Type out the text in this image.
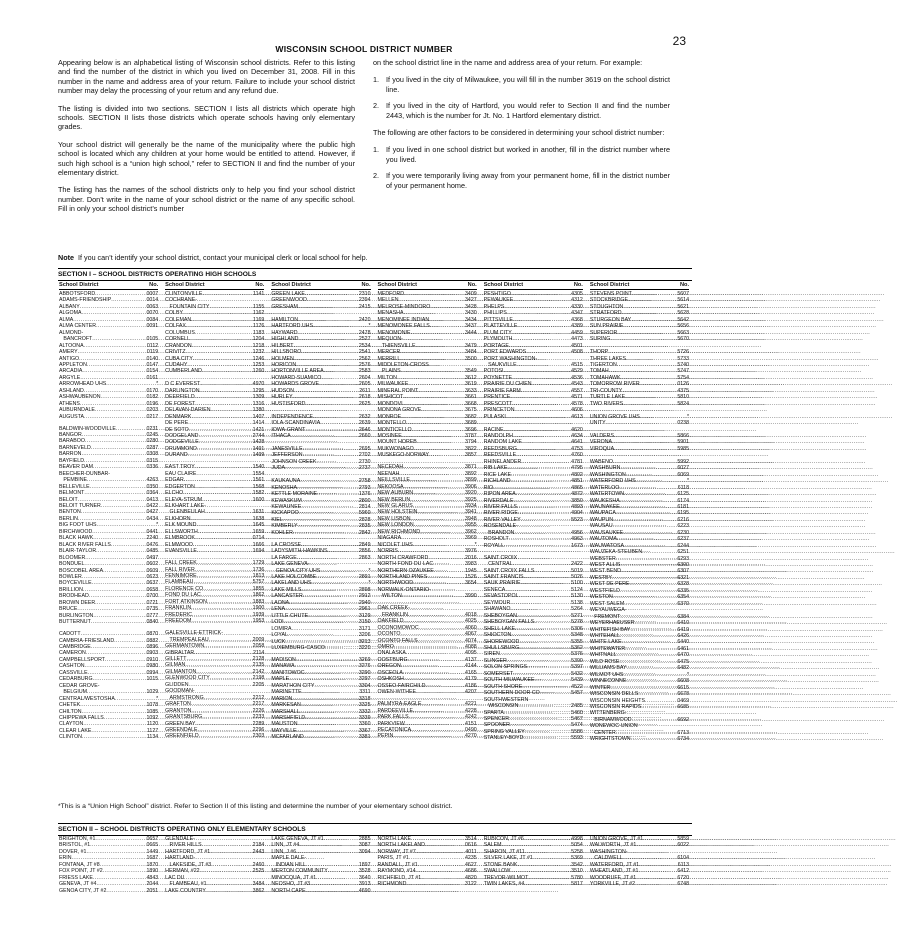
23
WISCONSIN SCHOOL DISTRICT NUMBER

Appearing below is an alphabetical listing of Wisconsin school districts. Refer to this listing and find the number of the district in which you lived on December 31, 2008. Fill in this number in the name and address area of your return. Failure to include your school district number may delay the processing of your return and any refund due.

The listing is divided into two sections. SECTION I lists all districts which operate high schools. SECTION II lists those districts which operate schools having only elementary grades.

Your school district will generally be the name of the municipality where the public high school is located which any children at your home would be entitled to attend. However, if such high school is a “union high school,” refer to SECTION II and find the number of your elementary district.

The listing has the names of the school districts only to help you find your school district number. Don’t write in the name of your school district or the name of any specific school. Fill in only your school district’s number

on the school district line in the name and address area of your return. For example:

1. If you lived in the city of Milwaukee, you will fill in the number 3619 on the school district line.
2. If you lived in the city of Hartford, you would refer to Section II and find the number 2443, which is the number for Jt. No. 1 Hartford elementary district.

The following are other factors to be considered in determining your school district number:

1. If you lived in one school district but worked in another, fill in the district number where you lived.
2. If you were temporarily living away from your permanent home, fill in the district number of your permanent home.
Note If you can’t identify your school district, contact your municipal clerk or local school for help.
SECTION I – SCHOOL DISTRICTS OPERATING HIGH SCHOOLS
School District	No.
ABBOTSFORD .....	0007
ADAMS-FRIENDSHIP .....	0014
ALBANY .....	0063
ALGOMA .....	0070
ALMA .....	0084
ALMA CENTER .....	0091
ALMOND-
BANCROFT .....	0105
ALTOONA .....	0112
AMERY .....	0119
ANTIGO .....	0140
APPLETON .....	0147
ARCADIA .....	0154
ARGYLE .....	0161
ARROWHEAD UHS .....	*
ASHLAND .....	0170
ASHWAUBENON .....	0182
ATHENS .....	0196
AUBURNDALE .....	0203
AUGUSTA .....	0217
BALDWIN-WOODVILLE .....	0231
BANGOR .....	0245
BARABOO .....	0280
BARNEVELD .....	0287
BARRON .....	0308
BAYFIELD .....	0315
BEAVER DAM .....	0336
BEECHER-DUNBAR-
PEMBINE .....	4263
BELLEVILLE .....	0350
BELMONT .....	0364
BELOIT .....	0413
BELOIT TURNER .....	0422
BENTON .....	0427
BERLIN .....	0434
BIG FOOT UHS .....	*
BIRCHWOOD .....	0441
BLACK HAWK .....	2240
BLACK RIVER FALLS .....	0476
BLAIR-TAYLOR .....	0485
BLOOMER .....	0497
BONDUEL .....	0602
BOSCOBEL AREA .....	0609
BOWLER .....	0623
BOYCEVILLE .....	0637
BRILLION .....	0658
BRODHEAD .....	0700
BROWN DEER .....	0721
BRUCE .....	0735
BURLINGTON .....	0777
BUTTERNUT .....	0840
CADOTT .....	0870
CAMBRIA-FRIESLAND .....	0882
CAMBRIDGE .....	0896
CAMERON .....	0903
CAMPBELLSPORT .....	0910
CASHTON .....	0980
CASSVILLE .....	0994
CEDARBURG .....	1015
CEDAR GROVE-
BELGIUM .....	1029
CENTRAL/WESTOSHA .....	*
CHETEK .....	1078
CHILTON .....	1085
CHIPPEWA FALLS .....	1092
CLAYTON .....	1120
CLEAR LAKE .....	1127
CLINTON .....	1134
School District	No.
CLINTONVILLE .....	1141
COCHRANE-
FOUNTAIN CITY .....	1155
COLBY .....	1162
COLEMAN .....	1169
COLFAX .....	1176
COLUMBUS .....	1183
CORNELL .....	1204
CRANDON .....	1218
CRIVITZ .....	1232
CUBA CITY .....	1246
CUDAHY .....	1253
CUMBERLAND .....	1260

D C EVEREST .....	4970
DARLINGTON .....	1295
DEERFIELD .....	1309
DE FOREST .....	1316
DELAVAN-DARIEN .....	1380
DENMARK .....	1407
DE PERE .....	1414
DE SOTO .....	1421
DODGELAND .....	2744
DODGEVILLE .....	1428
DRUMMOND .....	1491
DURAND .....	1499
EAST TROY .....	1540
EAU CLAIRE .....	1554
EDGAR .....	1561
EDGERTON .....	1568
ELCHO .....	1582
ELEVA-STRUM .....	1600
ELKHART LAKE-
GLENBEULAH .....	1631
ELKHORN .....	1638
ELK MOUND .....	1645
ELLSWORTH .....	1659
ELMBROOK .....	0714
ELMWOOD .....	1666
EVANSVILLE .....	1694
FALL CREEK .....	1729
FALL RIVER .....	1736
FENNIMORE .....	1813
FLAMBEAU .....	5757
FLORENCE CO .....	1855
FOND DU LAC .....	1862
FORT ATKINSON .....	1883
FRANKLIN .....	1900
FREDERIC .....	1939
FREEDOM .....	1953
GALESVILLE-ETTRICK-
TREMPEALEAU .....	2009
GERMANTOWN .....	2058
GIBRALTAR .....	2114
GILLETT .....	2128
GILMAN .....	2135
GILMANTON .....	2142
GLENWOOD CITY .....	2198
GLIDDEN .....	2205
GOODMAN-
ARMSTRONG .....	2212
GRAFTON .....	2217
GRANTON .....	2226
GRANTSBURG .....	2233
GREEN BAY .....	2289
GREENDALE .....	2296
GREENFIELD .....	2303
School District	No.
GREEN LAKE .....	2310
GREENWOOD .....	2394
GRESHAM .....	2415

HAMILTON .....	2420
HARTFORD UHS .....	*
HAYWARD .....	2478
HIGHLAND .....	2527
HILBERT .....	2534
HILLSBORO .....	2541
HOLMEN .....	2562
HORICON .....	2576
HORTONVILLE AREA .....	2583
HOWARD-SUAMICO .....	2604
HOWARDS GROVE .....	2605
HUDSON .....	2611
HURLEY .....	2618
HUSTISFORD .....	2625

INDEPENDENCE .....	2632
IOLA-SCANDINAVIA .....	2639
IOWA-GRANT .....	2646
ITHACA .....	2660

JANESVILLE .....	2695
JEFFERSON .....	2702
JOHNSON CREEK .....	2730
JUDA .....	2737

KAUKAUNA .....	2758
KENOSHA .....	2793
KETTLE MORAINE .....	1376
KEWASKUM .....	2800
KEWAUNEE .....	2814
KICKAPOO .....	5960
KIEL .....	2828
KIMBERLY .....	2835
KOHLER .....	2842
LA CROSSE .....	2849
LADYSMITH-HAWKINS .....	2856
LA FARGE .....	2863
LAKE GENEVA-
GENOA CITY UHS .....	*
LAKE HOLCOMBE .....	2891
LAKELAND UHS .....	*
LAKE MILLS .....	2898
LANCASTER .....	2912
LAONA .....	2940
LENA .....	2961
LITTLE CHUTE .....	3129
LODI .....	3150
LOMIRA .....	3171
LOYAL .....	3206
LUCK .....	3213
LUXEMBURG-CASCO .....	3220
MADISON .....	3269
MANAWA .....	3276
MANITOWOC .....	3290
MAPLE .....	3297
MARATHON CITY .....	3304
MARINETTE .....	3311
MARION .....	3318
MARKESAN .....	3325
MARSHALL .....	3332
MARSHFIELD .....	3339
MAUSTON .....	3360
MAYVILLE .....	3367
MCFARLAND .....	3381
School District	No.
MEDFORD .....	3409
MELLEN .....	3427
MELROSE-MINDORO .....	3428
MENASHA .....	3430
MENOMINEE INDIAN .....	3434
MENOMONEE FALLS .....	3437
MENOMONIE .....	3444
MEQUON-
THIENSVILLE .....	3479
MERCER .....	3484
MERRILL .....	3500
MIDDLETON-CROSS
PLAINS .....	3549
MILTON .....	3612
MILWAUKEE .....	3619
MINERAL POINT .....	3633
MISHICOT .....	3661
MONDOVI .....	3668
MONONA GROVE .....	3675
MONROE .....	3682
MONTELLO .....	3689
MONTICELLO .....	3696
MOSINEE .....	3787
MOUNT HOREB .....	3794
MUKWONAGO .....	3822
MUSKEGO-NORWAY .....	3857
NECEDAH .....	3871
NEENAH .....	3892
NEILLSVILLE .....	3899
NEKOOSA .....	3906
NEW AUBURN .....	3920
NEW BERLIN .....	3925
NEW GLARUS .....	3934
NEW HOLSTEIN .....	3941
NEW LISBON .....	3948
NEW LONDON .....	3955
NEW RICHMOND .....	3962
NIAGARA .....	3969
NICOLET UHS .....	*
NORRIS .....	3976
NORTH CRAWFORD .....	2016
NORTH FOND DU LAC .....	3983
NORTHERN OZAUKEE .....	1945
NORTHLAND PINES .....	1526
NORTHWOOD .....	3654
NORWALK-ONTARIO-
WILTON .....	3990
OAK CREEK-
FRANKLIN .....	4018
OAKFIELD .....	4025
OCONOMOWOC .....	4060
OCONTO .....	4067
OCONTO FALLS .....	4074
OMRO .....	4088
ONALASKA .....	4095
OOSTBURG .....	4137
OREGON .....	4144
OSCEOLA .....	4165
OSHKOSH .....	4179
OSSEO-FAIRCHILD .....	4186
OWEN-WITHEE .....	4207
PALMYRA-EAGLE .....	4221
PARDEEVILLE .....	4228
PARK FALLS .....	4242
PARKVIEW .....	4151
PECATONICA .....	0490
PEPIN .....	4270
School District	No.
PESHTIGO .....	4305
PEWAUKEE .....	4312
PHELPS .....	4330
PHILLIPS .....	4347
PITTSVILLE .....	4368
PLATTEVILLE .....	4389
PLUM CITY .....	4459
PLYMOUTH .....	4473
PORTAGE .....	4501
PORT EDWARDS .....	4508
PORT WASHINGTON-
SAUKVILLE .....	4515
POTOSI .....	4529
POYNETTE .....	4536
PRAIRIE DU CHIEN .....	4543
PRAIRIE FARM .....	4557
PRENTICE .....	4571
PRESCOTT .....	4578
PRINCETON .....	4606
PULASKI .....	4613

RACINE .....	4620
RANDOLPH .....	4634
RANDOM LAKE .....	4641
REEDSBURG .....	4753
REEDSVILLE .....	4760
RHINELANDER .....	4781
RIB LAKE .....	4795
RICE LAKE .....	4802
RICHLAND .....	4851
RIO .....	4865
RIPON AREA .....	4872
RIVERDALE .....	3850
RIVER FALLS .....	4893
RIVER RIDGE .....	4904
RIVER VALLEY .....	5523
ROSENDALE-
BRANDON .....	4956
ROSHOLT .....	4963
ROYALL .....	1673
SAINT CROIX
CENTRAL .....	2422
SAINT CROIX FALLS .....	5019
SAINT FRANCIS .....	5026
SAUK PRAIRIE .....	5100
SENECA .....	5124
SEVASTOPOL .....	5130
SEYMOUR .....	5138
SHAWANO .....	5264
SHEBOYGAN .....	5271
SHEBOYGAN FALLS .....	5278
SHELL LAKE .....	5306
SHIOCTON .....	5348
SHOREWOOD .....	5355
SHULLSBURG .....	5362
SIREN .....	5376
SLINGER .....	5390
SOLON SPRINGS .....	5397
SOMERSET .....	5432
SOUTH MILWAUKEE .....	5439
SOUTH SHORE .....	4522
SOUTHERN DOOR CO .....	5457
SOUTHWESTERN
WISCONSIN .....	2485
SPARTA .....	5460
SPENCER .....	5467
SPOONER .....	5474
SPRING VALLEY .....	5586
STANLEY-BOYD .....	5593
School District	No.
STEVENS POINT .....	5607
STOCKBRIDGE .....	5614
STOUGHTON .....	5621
STRATFORD .....	5628
STURGEON BAY .....	5642
SUN PRAIRIE .....	5656
SUPERIOR .....	5663
SURING .....	5670

THORP .....	5726
THREE LAKES .....	5733
TIGERTON .....	5740
TOMAH .....	5747
TOMAHAWK .....	5754
TOMORROW RIVER .....	0126
TRI-COUNTY .....	4375
TURTLE LAKE .....	5810
TWO RIVERS .....	5824

UNION GROVE UHS .....	*
UNITY .....	0238

VALDERS .....	5866
VERONA .....	5901
VIROQUA .....	5985

WABENO .....	5992
WASHBURN .....	6027
WASHINGTON .....	6069
WATERFORD UHS .....	*
WATERLOO .....	6118
WATERTOWN .....	6125
WAUKESHA .....	6174
WAUNAKEE .....	6181
WAUPACA .....	6195
WAUPUN .....	6216
WAUSAU .....	6223
WAUSAUKEE .....	6230
WAUTOMA .....	6237
WAUWATOSA .....	6244
WAUZEKA-STEUBEN .....	6251
WEBSTER .....	6293
WEST ALLIS .....	6300
WEST BEND .....	6307
WESTBY .....	6321
WEST DE PERE .....	6328
WESTFIELD .....	6335
WESTON .....	6354
WEST SALEM .....	6370
WEYAUWEGA-
FREMONT .....	6384
WEYERHAEUSER .....	6410
WHITEFISH BAY .....	6419
WHITEHALL .....	6426
WHITE LAKE .....	6440
WHITEWATER .....	6461
WHITNALL .....	6470
WILD ROSE .....	6475
WILLIAMS BAY .....	6482
WILMOT UHS .....	*
WINNECONNE .....	6608
WINTER .....	6615
WISCONSIN DELLS .....	6678
WISCONSIN HEIGHTS .....	0469
WISCONSIN RAPIDS .....	6685
WITTENBERG-
BIRNAMWOOD .....	6692
WONEWOC-UNION
CENTER .....	6713
WRIGHTSTOWN .....	6734
*This is a “Union High School” district. Refer to Section II of this listing and determine the number of your elementary school district.
SECTION II – SCHOOL DISTRICTS OPERATING ONLY ELEMENTARY SCHOOLS
BRIGHTON, #1 .....	0657
BRISTOL, #1 .....	0665
DOVER, #1 .....	1449
ERIN .....	1687
FONTANA, JT #8 .....	1870
FOX POINT, JT #2 .....	1890
FRIESS LAKE .....	4843
GENEVA, JT #4 .....	2044
GENOA CITY, JT #2 .....	2051
GLENDALE-
RIVER HILLS .....	2184
HARTFORD, JT #1 .....	2443
HARTLAND-
LAKESIDE, JT #3 .....	2460
HERMAN, #22 .....	2525
LAC DU
FLAMBEAU, #1 .....	3484
LAKE COUNTRY .....	3862
LAKE GENEVA, JT #1 .....	2885
LINN, JT #4 .....	3087
LINN, J #6 .....	3094
MAPLE DALE-
INDIAN HILL .....	1897
MERTON COMMUNITY .....	3528
MINOCQUA, JT #1 .....	3640
NEOSHO, JT #3 .....	3913
NORTH CAPE .....	4690
NORTH LAKE .....	3514
NORTH LAKELAND .....	0616
NORWAY, JT #7 .....	4011
PARIS, JT #1 .....	4235
RANDALL, JT #1 .....	4627
RAYMOND, #14 .....	4686
RICHFIELD, JT #1 .....	4820
RICHMOND .....	3122
RUBICON, JT #6 .....	4998
SALEM .....	5054
SHARON, JT #11 .....	5258
SILVER LAKE, JT #1 .....	5369
STONE BANK .....	3542
SWALLOW .....	3510
TREVOR-WILMOT .....	5780
TWIN LAKES, #4 .....	5817
UNION GROVE, JT #1 .....	5859
WALWORTH, JT #1 .....	6022
WASHINGTON-
CALDWELL .....	6104
WATERFORD, JT #1 .....	6113
WHEATLAND, JT #1 .....	6412
WOODRUFF, JT #1 .....	6720
YORKVILLE, JT #2 .....	6748
